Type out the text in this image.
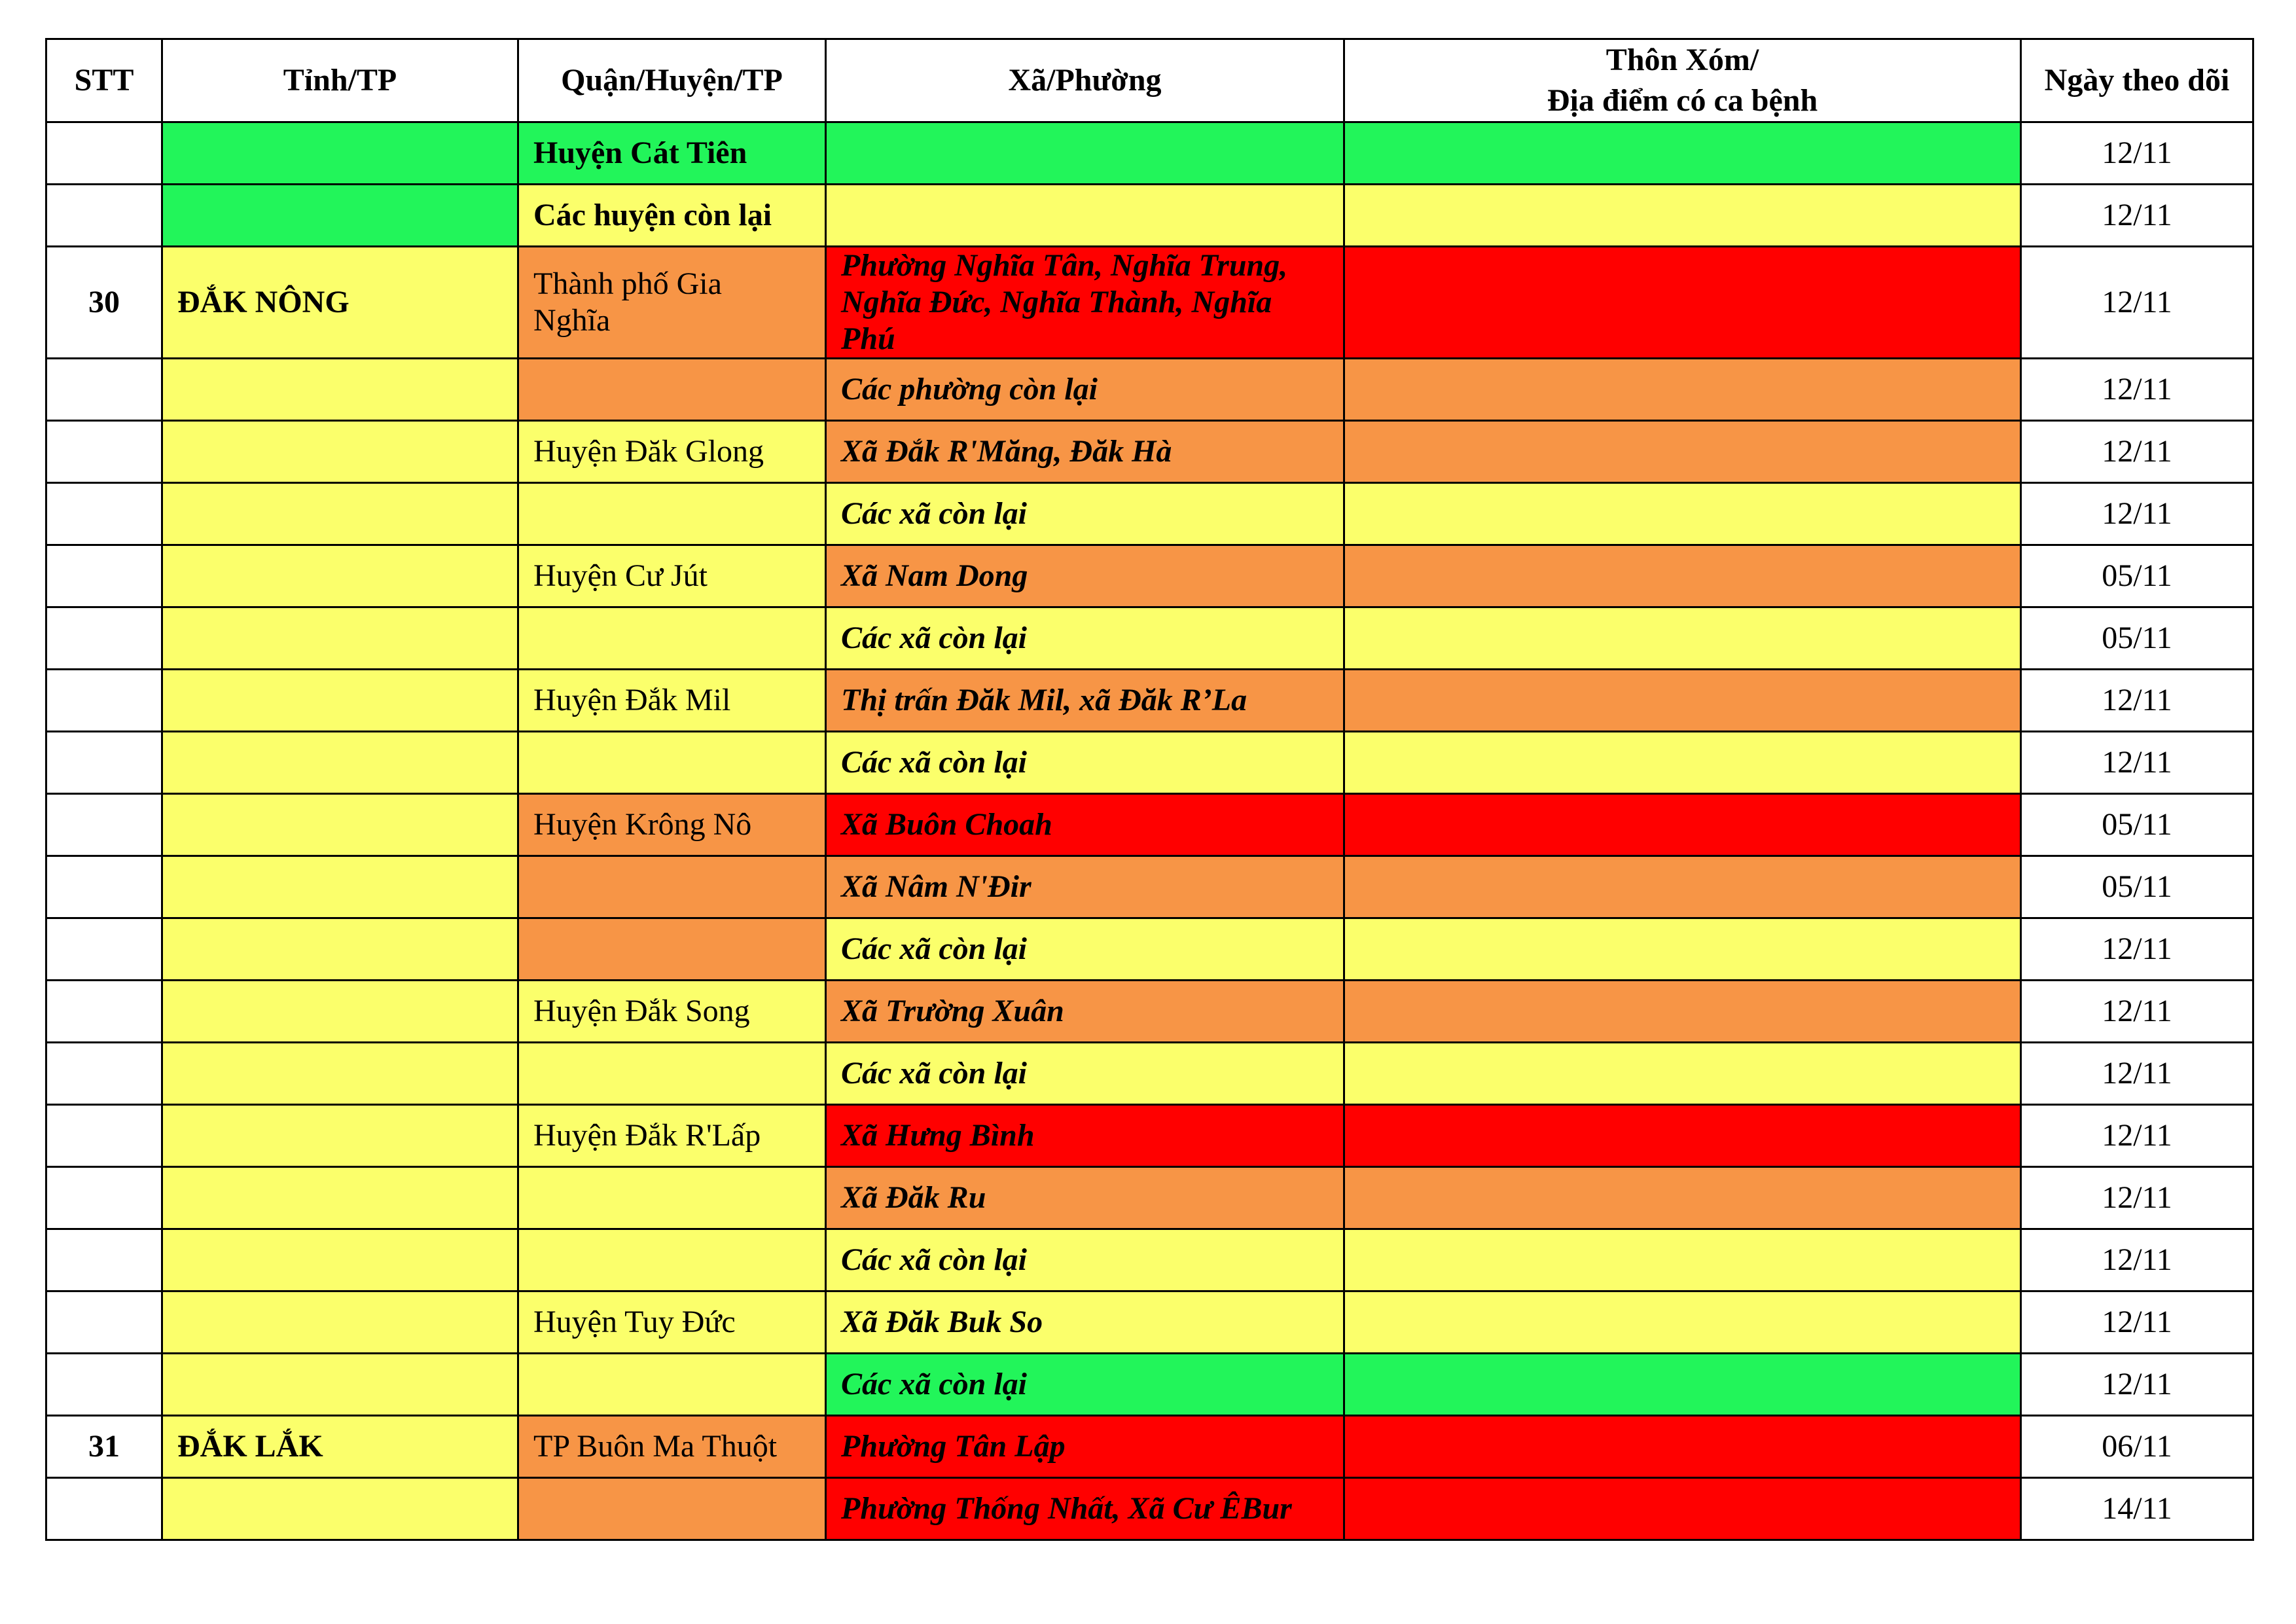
STT	Tỉnh/TP	Quận/Huyện/TP	Xã/Phường	Thôn Xóm/
Địa điểm có ca bệnh	Ngày theo dõi
		Huyện Cát Tiên			12/11
		Các huyện còn lại			12/11
30	ĐẮK NÔNG	Thành phố Gia
Nghĩa	Phường Nghĩa Tân, Nghĩa Trung,
Nghĩa Đức, Nghĩa Thành, Nghĩa
Phú		12/11
			Các phường còn lại		12/11
		Huyện Đăk Glong	Xã Đắk R'Măng, Đăk Hà		12/11
			Các xã còn lại		12/11
		Huyện Cư Jút	Xã Nam Dong		05/11
			Các xã còn lại		05/11
		Huyện Đắk Mil	Thị trấn Đăk Mil, xã Đăk R’La		12/11
			Các xã còn lại		12/11
		Huyện Krông Nô	Xã Buôn Choah		05/11
			Xã Nâm N'Đir		05/11
			Các xã còn lại		12/11
		Huyện Đắk Song	Xã Trường Xuân		12/11
			Các xã còn lại		12/11
		Huyện Đắk R'Lấp	Xã Hưng Bình		12/11
			Xã Đăk Ru		12/11
			Các xã còn lại		12/11
		Huyện Tuy Đức	Xã Đăk Buk So		12/11
			Các xã còn lại		12/11
31	ĐẮK LẮK	TP Buôn Ma Thuột	Phường Tân Lập		06/11
			Phường Thống Nhất, Xã Cư ÊBur		14/11
